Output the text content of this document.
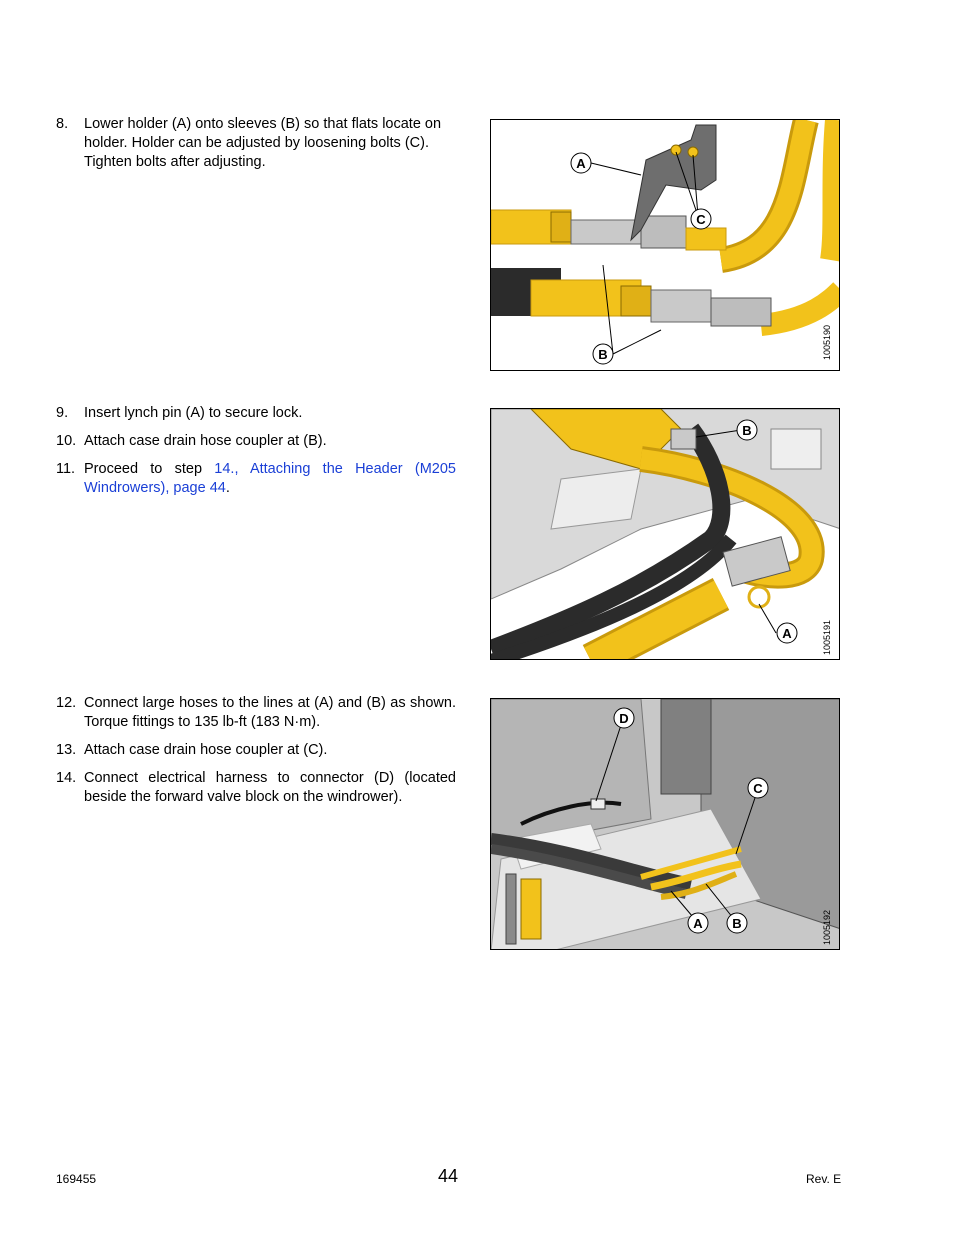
8.	Lower holder (A) onto sleeves (B) so that flats locate on holder. Holder can be adjusted by loosening bolts (C). Tighten bolts after adjusting.
9.	Insert lynch pin (A) to secure lock.
10. Attach case drain hose coupler at (B).
11. Proceed to step 14., Attaching the Header (M205 Windrowers), page 44.
12. Connect large hoses to the lines at (A) and (B) as shown. Torque fittings to 135 lb-ft (183 N·m).
13. Attach case drain hose coupler at (C).
14. Connect electrical harness to connector (D) (located beside the forward valve block on the windrower).
A
C
B	1005190
B
A	1005191
D
C
A B	1005192
169455	44	Rev. E
